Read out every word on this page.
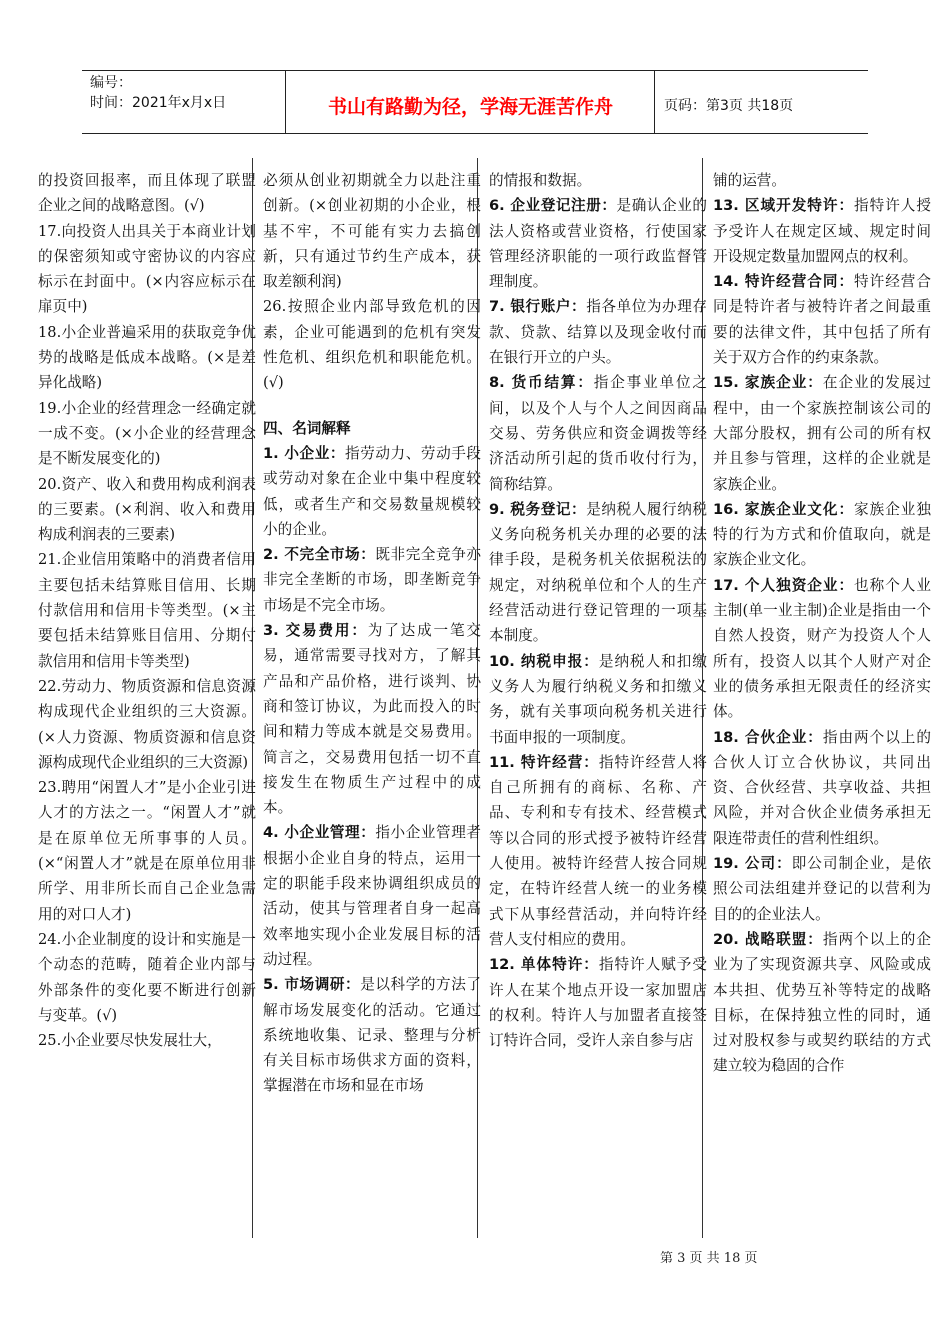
编号：
时间：2021年x月x日	书山有路勤为径，学海无涯苦作舟	页码：第3页 共18页

的投资回报率，而且体现了联盟企业之间的战略意图。(√)

17.向投资人出具关于本商业计划的保密须知或守密协议的内容应标示在封面中。(×内容应标示在扉页中)

18.小企业普遍采用的获取竞争优势的战略是低成本战略。(×是差异化战略)

19.小企业的经营理念一经确定就一成不变。(×小企业的经营理念是不断发展变化的)

20.资产、收入和费用构成利润表的三要素。(×利润、收入和费用构成利润表的三要素)

21.企业信用策略中的消费者信用主要包括未结算账目信用、长期付款信用和信用卡等类型。(×主要包括未结算账目信用、分期付款信用和信用卡等类型)

22.劳动力、物质资源和信息资源构成现代企业组织的三大资源。(×人力资源、物质资源和信息资源构成现代企业组织的三大资源)

23.聘用“闲置人才”是小企业引进人才的方法之一。“闲置人才”就是在原单位无所事事的人员。(×“闲置人才”就是在原单位用非所学、用非所长而自己企业急需用的对口人才)

24.小企业制度的设计和实施是一个动态的范畴，随着企业内部与外部条件的变化要不断进行创新与变革。(√)

25.小企业要尽快发展壮大，

必须从创业初期就全力以赴注重创新。(×创业初期的小企业，根基不牢，不可能有实力去搞创新，只有通过节约生产成本，获取差额利润)

26.按照企业内部导致危机的因素，企业可能遇到的危机有突发性危机、组织危机和职能危机。(√)

四、名词解释

1. 小企业：指劳动力、劳动手段或劳动对象在企业中集中程度较低，或者生产和交易数量规模较小的企业。

2. 不完全市场：既非完全竞争亦非完全垄断的市场，即垄断竞争市场是不完全市场。

3. 交易费用：为了达成一笔交易，通常需要寻找对方，了解其产品和产品价格，进行谈判、协商和签订协议，为此而投入的时间和精力等成本就是交易费用。简言之，交易费用包括一切不直接发生在物质生产过程中的成本。

4. 小企业管理：指小企业管理者根据小企业自身的特点，运用一定的职能手段来协调组织成员的活动，使其与管理者自身一起高效率地实现小企业发展目标的活动过程。

5. 市场调研：是以科学的方法了解市场发展变化的活动。它通过系统地收集、记录、整理与分析有关目标市场供求方面的资料，掌握潜在市场和显在市场

的情报和数据。

6. 企业登记注册：是确认企业的法人资格或营业资格，行使国家管理经济职能的一项行政监督管理制度。

7. 银行账户：指各单位为办理存款、贷款、结算以及现金收付而在银行开立的户头。

8. 货币结算：指企事业单位之间，以及个人与个人之间因商品交易、劳务供应和资金调拨等经济活动所引起的货币收付行为，简称结算。

9. 税务登记：是纳税人履行纳税义务向税务机关办理的必要的法律手段，是税务机关依据税法的规定，对纳税单位和个人的生产经营活动进行登记管理的一项基本制度。

10. 纳税申报：是纳税人和扣缴义务人为履行纳税义务和扣缴义务，就有关事项向税务机关进行书面申报的一项制度。

11. 特许经营：指特许经营人将自己所拥有的商标、名称、产品、专利和专有技术、经营模式等以合同的形式授予被特许经营人使用。被特许经营人按合同规定，在特许经营人统一的业务模式下从事经营活动，并向特许经营人支付相应的费用。

12. 单体特许：指特许人赋予受许人在某个地点开设一家加盟店的权利。特许人与加盟者直接签订特许合同，受许人亲自参与店

铺的运营。

13. 区域开发特许：指特许人授予受许人在规定区域、规定时间开设规定数量加盟网点的权利。

14. 特许经营合同：特许经营合同是特许者与被特许者之间最重要的法律文件，其中包括了所有关于双方合作的约束条款。

15. 家族企业：在企业的发展过程中，由一个家族控制该公司的大部分股权，拥有公司的所有权并且参与管理，这样的企业就是家族企业。

16. 家族企业文化：家族企业独特的行为方式和价值取向，就是家族企业文化。

17. 个人独资企业：也称个人业主制(单一业主制)企业是指由一个自然人投资，财产为投资人个人所有，投资人以其个人财产对企业的债务承担无限责任的经济实体。

18. 合伙企业：指由两个以上的合伙人订立合伙协议，共同出资、合伙经营、共享收益、共担风险，并对合伙企业债务承担无限连带责任的营利性组织。

19. 公司：即公司制企业，是依照公司法组建并登记的以营利为目的的企业法人。

20. 战略联盟：指两个以上的企业为了实现资源共享、风险或成本共担、优势互补等特定的战略目标，在保持独立性的同时，通过对股权参与或契约联结的方式建立较为稳固的合作

第 3 页 共 18 页
